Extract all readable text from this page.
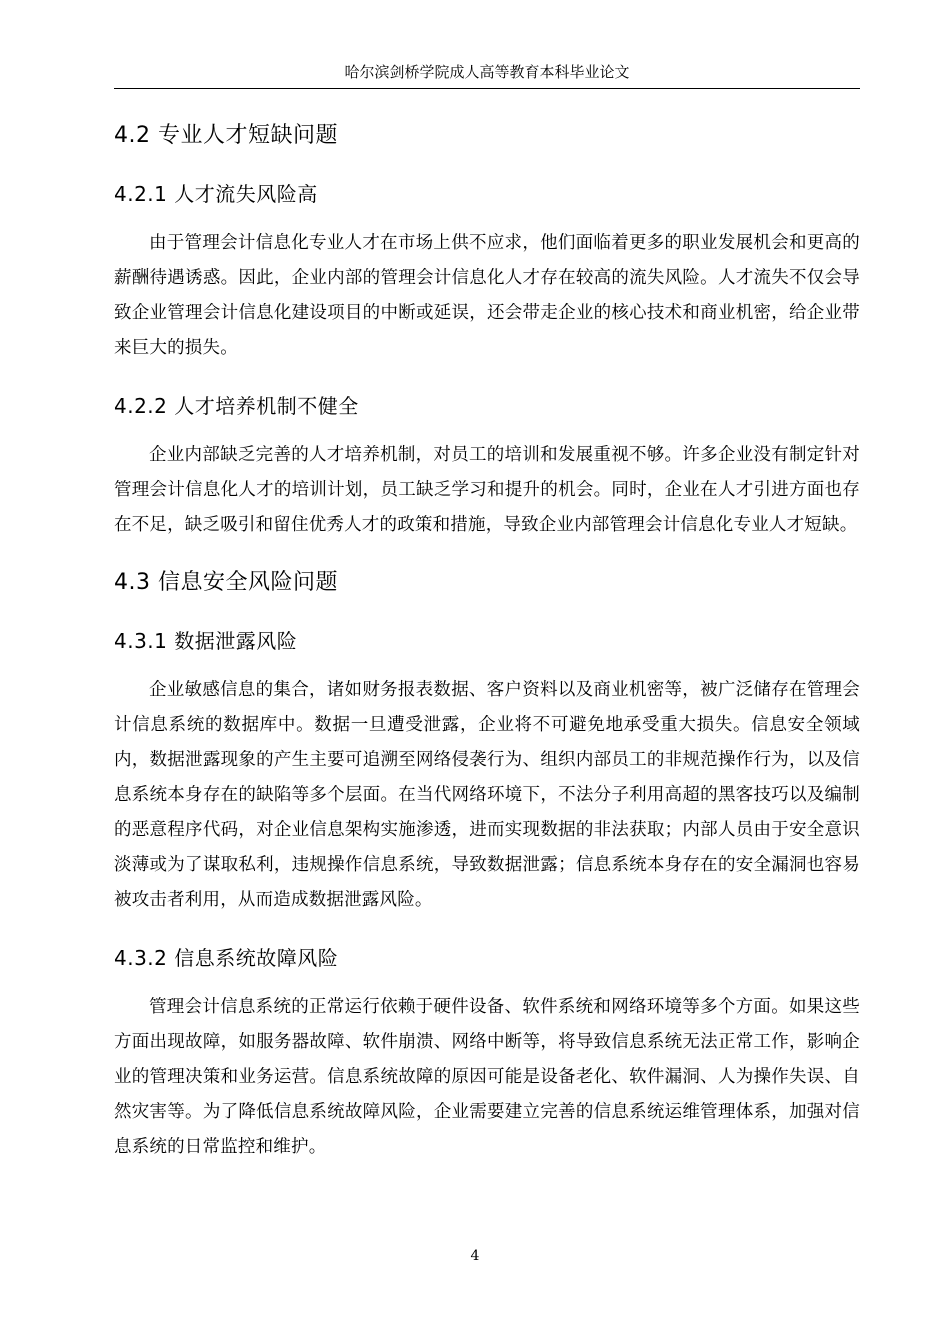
哈尔滨剑桥学院成人高等教育本科毕业论文
4.2 专业人才短缺问题
4.2.1 人才流失风险高

由于管理会计信息化专业人才在市场上供不应求，他们面临着更多的职业发展机会和更高的薪酬待遇诱惑。因此，企业内部的管理会计信息化人才存在较高的流失风险。人才流失不仅会导致企业管理会计信息化建设项目的中断或延误，还会带走企业的核心技术和商业机密，给企业带来巨大的损失。

4.2.2 人才培养机制不健全

企业内部缺乏完善的人才培养机制，对员工的培训和发展重视不够。许多企业没有制定针对管理会计信息化人才的培训计划，员工缺乏学习和提升的机会。同时，企业在人才引进方面也存在不足，缺乏吸引和留住优秀人才的政策和措施，导致企业内部管理会计信息化专业人才短缺。

4.3 信息安全风险问题
4.3.1 数据泄露风险

企业敏感信息的集合，诸如财务报表数据、客户资料以及商业机密等，被广泛储存在管理会计信息系统的数据库中。数据一旦遭受泄露，企业将不可避免地承受重大损失。信息安全领域内，数据泄露现象的产生主要可追溯至网络侵袭行为、组织内部员工的非规范操作行为，以及信息系统本身存在的缺陷等多个层面。在当代网络环境下，不法分子利用高超的黑客技巧以及编制的恶意程序代码，对企业信息架构实施渗透，进而实现数据的非法获取；内部人员由于安全意识淡薄或为了谋取私利，违规操作信息系统，导致数据泄露；信息系统本身存在的安全漏洞也容易被攻击者利用，从而造成数据泄露风险。

4.3.2 信息系统故障风险

管理会计信息系统的正常运行依赖于硬件设备、软件系统和网络环境等多个方面。如果这些方面出现故障，如服务器故障、软件崩溃、网络中断等，将导致信息系统无法正常工作，影响企业的管理决策和业务运营。信息系统故障的原因可能是设备老化、软件漏洞、人为操作失误、自然灾害等。为了降低信息系统故障风险，企业需要建立完善的信息系统运维管理体系，加强对信息系统的日常监控和维护。

4
